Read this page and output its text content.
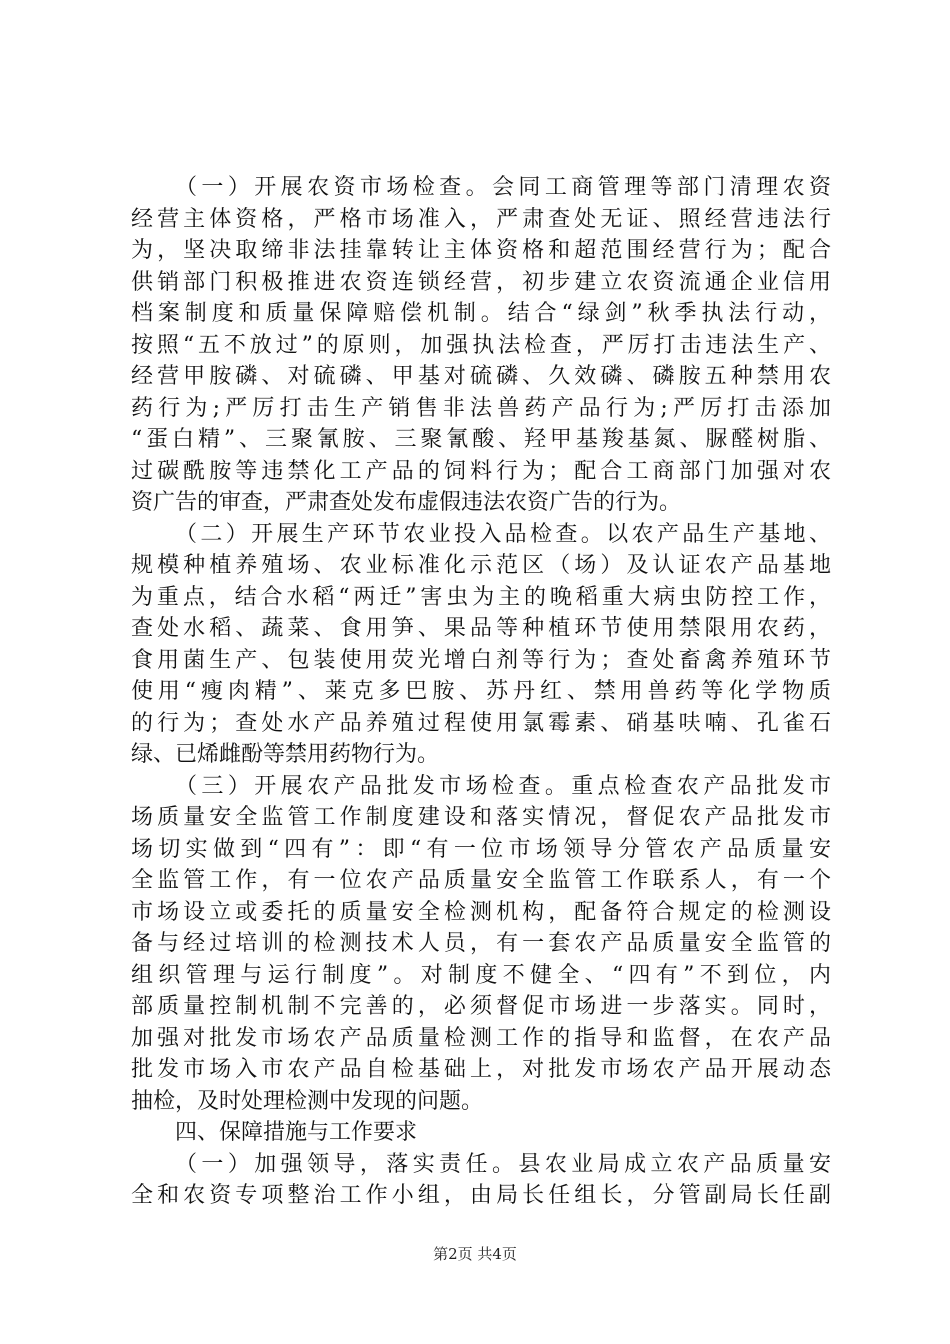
（一）开展农资市场检查。会同工商管理等部门清理农资
经营主体资格，严格市场准入，严肃查处无证、照经营违法行
为，坚决取缔非法挂靠转让主体资格和超范围经营行为；配合
供销部门积极推进农资连锁经营，初步建立农资流通企业信用
档案制度和质量保障赔偿机制。结合“绿剑”秋季执法行动，
按照“五不放过”的原则，加强执法检查，严厉打击违法生产、
经营甲胺磷、对硫磷、甲基对硫磷、久效磷、磷胺五种禁用农
药行为;严厉打击生产销售非法兽药产品行为;严厉打击添加
“蛋白精”、三聚氰胺、三聚氰酸、羟甲基羧基氮、脲醛树脂、
过碳酰胺等违禁化工产品的饲料行为；配合工商部门加强对农
资广告的审查，严肃查处发布虚假违法农资广告的行为。
（二）开展生产环节农业投入品检查。以农产品生产基地、
规模种植养殖场、农业标准化示范区（场）及认证农产品基地
为重点，结合水稻“两迁”害虫为主的晚稻重大病虫防控工作，
查处水稻、蔬菜、食用笋、果品等种植环节使用禁限用农药，
食用菌生产、包装使用荧光增白剂等行为；查处畜禽养殖环节
使用“瘦肉精”、莱克多巴胺、苏丹红、禁用兽药等化学物质
的行为；查处水产品养殖过程使用氯霉素、硝基呋喃、孔雀石
绿、已烯雌酚等禁用药物行为。
（三）开展农产品批发市场检查。重点检查农产品批发市
场质量安全监管工作制度建设和落实情况，督促农产品批发市
场切实做到“四有”：即“有一位市场领导分管农产品质量安
全监管工作，有一位农产品质量安全监管工作联系人，有一个
市场设立或委托的质量安全检测机构，配备符合规定的检测设
备与经过培训的检测技术人员，有一套农产品质量安全监管的
组织管理与运行制度”。对制度不健全、“四有”不到位，内
部质量控制机制不完善的，必须督促市场进一步落实。同时，
加强对批发市场农产品质量检测工作的指导和监督，在农产品
批发市场入市农产品自检基础上，对批发市场农产品开展动态
抽检，及时处理检测中发现的问题。
四、保障措施与工作要求
（一）加强领导，落实责任。县农业局成立农产品质量安
全和农资专项整治工作小组，由局长任组长，分管副局长任副
第2页 共4页
